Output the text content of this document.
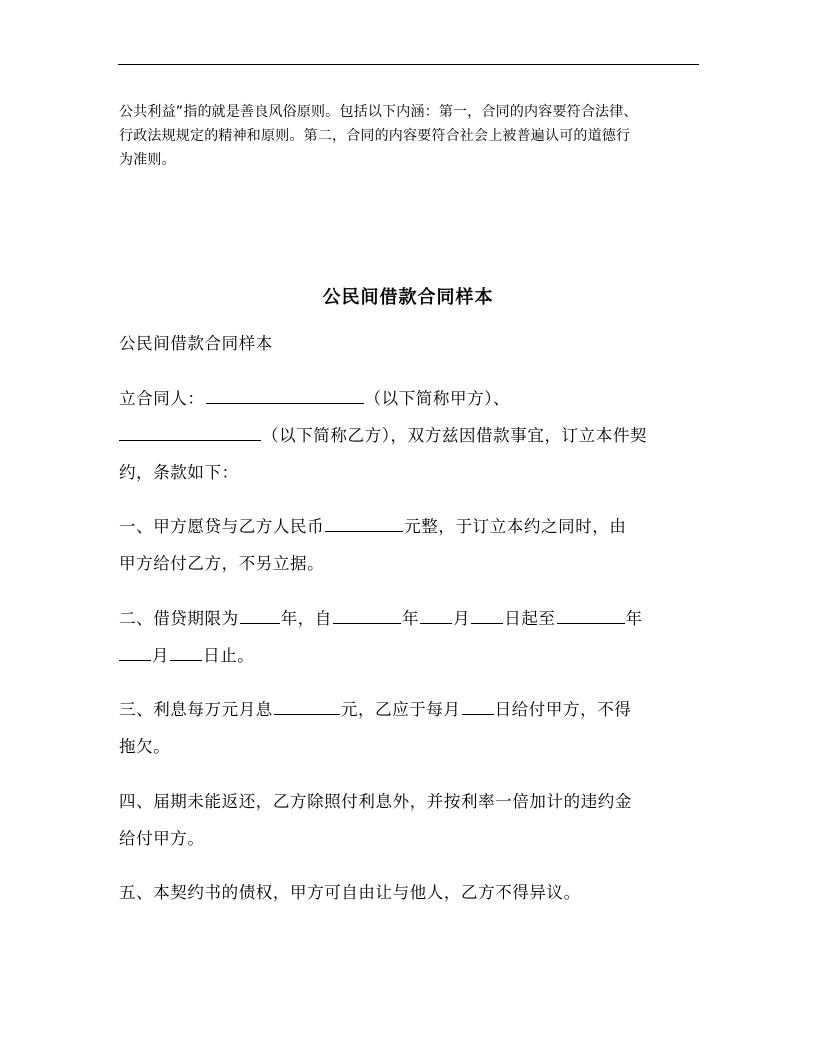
公共利益”指的就是善良风俗原则。包括以下内涵：第一，合同的内容要符合法律、

行政法规规定的精神和原则。第二，合同的内容要符合社会上被普遍认可的道德行

为准则。

公民间借款合同样本
公民间借款合同样本
立合同人：	（以下简称甲方）、
（以下简称乙方），双方兹因借款事宜，订立本件契
约，条款如下：
一、甲方愿贷与乙方人民币	元整，于订立本约之同时，由
甲方给付乙方，不另立据。
二、借贷期限为	年，自	年 月 日起至	年
月 日止。
三、利息每万元月息	元，乙应于每月 日给付甲方，不得
拖欠。
四、届期未能返还，乙方除照付利息外，并按利率一倍加计的违约金
给付甲方。
五、本契约书的债权，甲方可自由让与他人，乙方不得异议。
